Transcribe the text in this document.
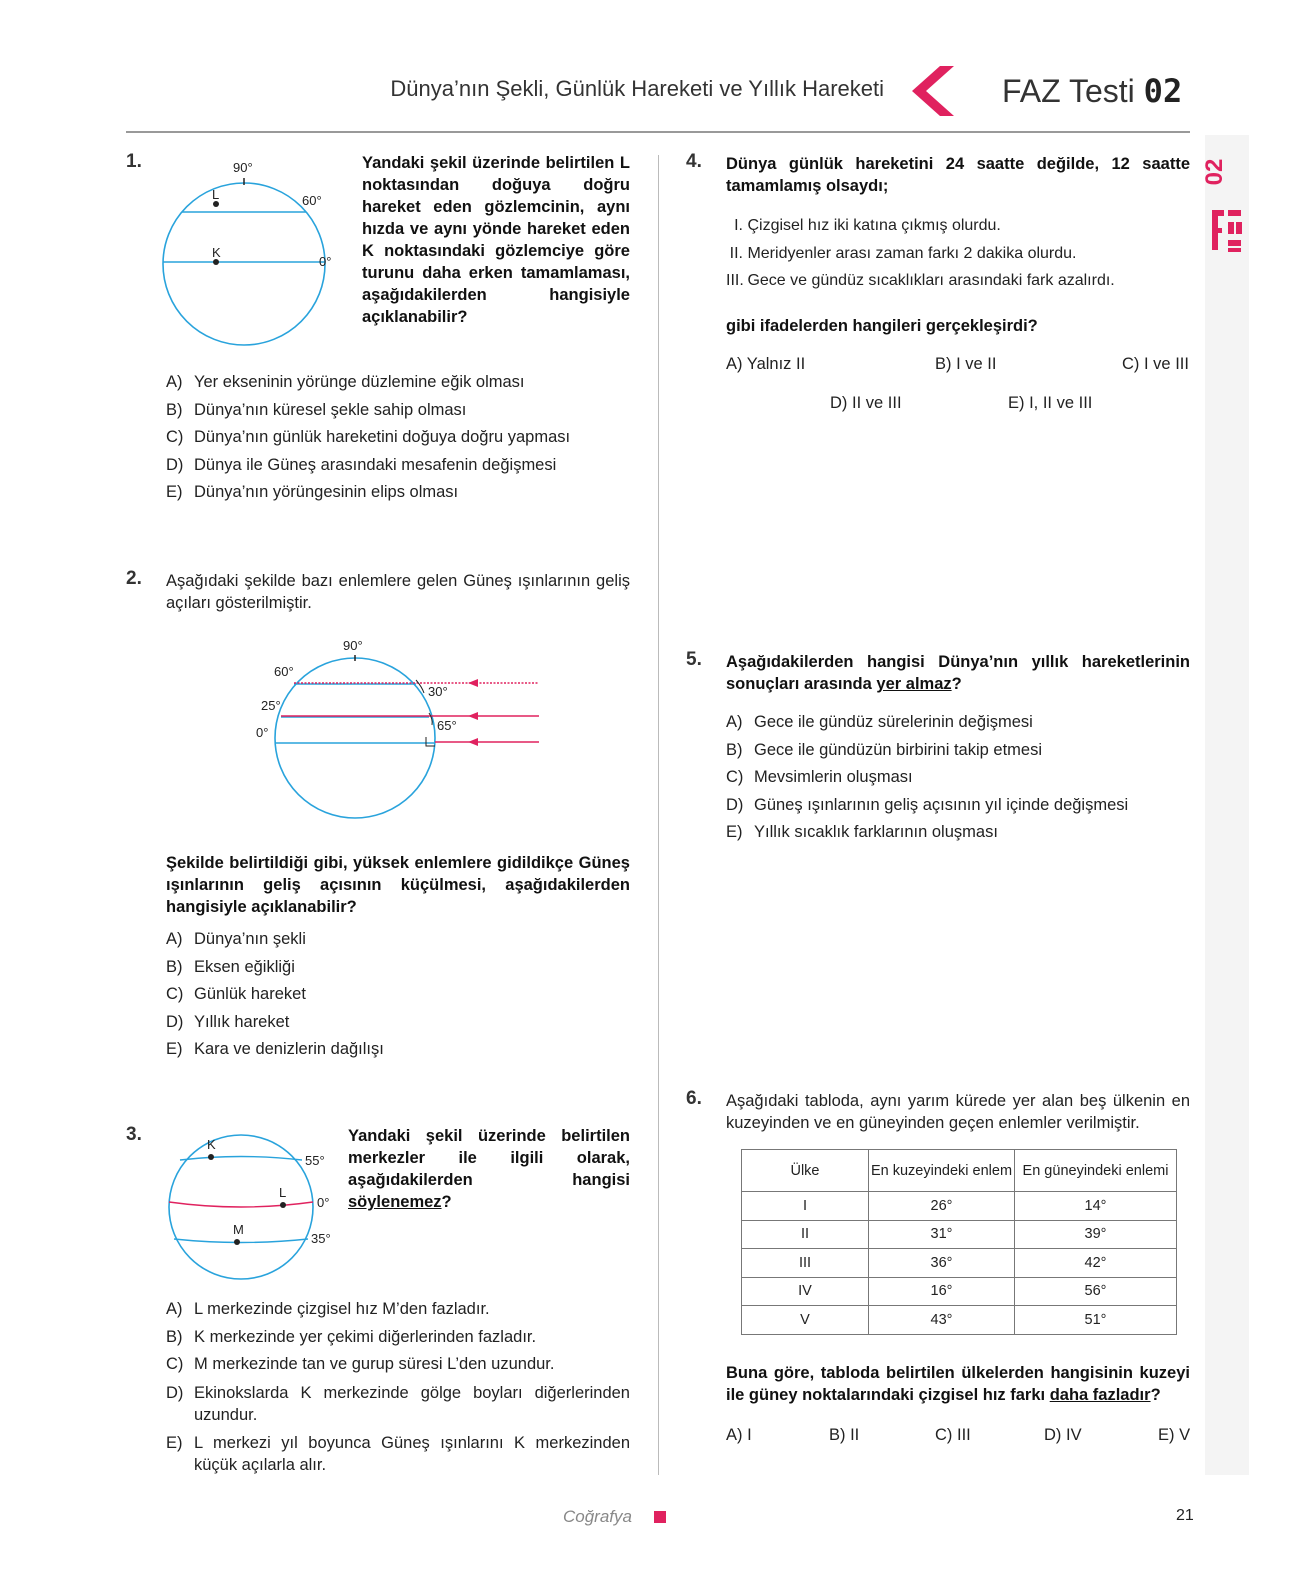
Dünya’nın Şekli, Günlük Hareketi ve Yıllık Hareketi	FAZ Testi 02
02
1.	90°
60°
0°
L
K
Yandaki şekil üzerinde belirtilen L noktasından doğuya doğru hareket eden gözlemcinin, aynı hızda ve aynı yönde hareket eden K noktasındaki gözlemciye göre turunu daha erken tamamlaması, aşağıdakilerden hangisiyle açıklanabilir?
A) Yer ekseninin yörünge düzlemine eğik olması
B) Dünya’nın küresel şekle sahip olması
C) Dünya’nın günlük hareketini doğuya doğru yapması
D) Dünya ile Güneş arasındaki mesafenin değişmesi
E) Dünya’nın yörüngesinin elips olması
2. Aşağıdaki şekilde bazı enlemlere gelen Güneş ışınlarının geliş açıları gösterilmiştir.
90°
60°
25°
0°
30°
65°
Şekilde belirtildiği gibi, yüksek enlemlere gidildikçe Güneş ışınlarının geliş açısının küçülmesi, aşağıdakilerden hangisiyle açıklanabilir?
A) Dünya’nın şekli
B) Eksen eğikliği
C) Günlük hareket
D) Yıllık hareket
E) Kara ve denizlerin dağılışı
3.	K
L
M
55°
0°
35°
Yandaki şekil üzerinde belirtilen merkezler ile ilgili olarak, aşağıdakilerden hangisi söylenemez?
A) L merkezinde çizgisel hız M’den fazladır.
B) K merkezinde yer çekimi diğerlerinden fazladır.
C) M merkezinde tan ve gurup süresi L’den uzundur.
D) Ekinokslarda K merkezinde gölge boyları diğerlerinden uzundur.
E) L merkezi yıl boyunca Güneş ışınlarını K merkezinden küçük açılarla alır.
4. Dünya günlük hareketini 24 saatte değilde, 12 saatte tamamlamış olsaydı;
I. Çizgisel hız iki katına çıkmış olurdu.
II. Meridyenler arası zaman farkı 2 dakika olurdu.
III. Gece ve gündüz sıcaklıkları arasındaki fark azalırdı.
gibi ifadelerden hangileri gerçekleşirdi?
A) Yalnız II	B) I ve II	C) I ve III
D) II ve III	E) I, II ve III
5. Aşağıdakilerden hangisi Dünya’nın yıllık hareketlerinin sonuçları arasında yer almaz?
A) Gece ile gündüz sürelerinin değişmesi
B) Gece ile gündüzün birbirini takip etmesi
C) Mevsimlerin oluşması
D) Güneş ışınlarının geliş açısının yıl içinde değişmesi
E) Yıllık sıcaklık farklarının oluşması
6. Aşağıdaki tabloda, aynı yarım kürede yer alan beş ülkenin en kuzeyinden ve en güneyinden geçen enlemler verilmiştir.
Ülke	En kuzeyindeki enlem	En güneyindeki enlemi
I	26°	14°
II	31°	39°
III	36°	42°
IV	16°	56°
V	43°	51°
Buna göre, tabloda belirtilen ülkelerden hangisinin kuzeyi ile güney noktalarındaki çizgisel hız farkı daha fazladır?
A) I	B) II	C) III	D) IV	E) V
Coğrafya	21
